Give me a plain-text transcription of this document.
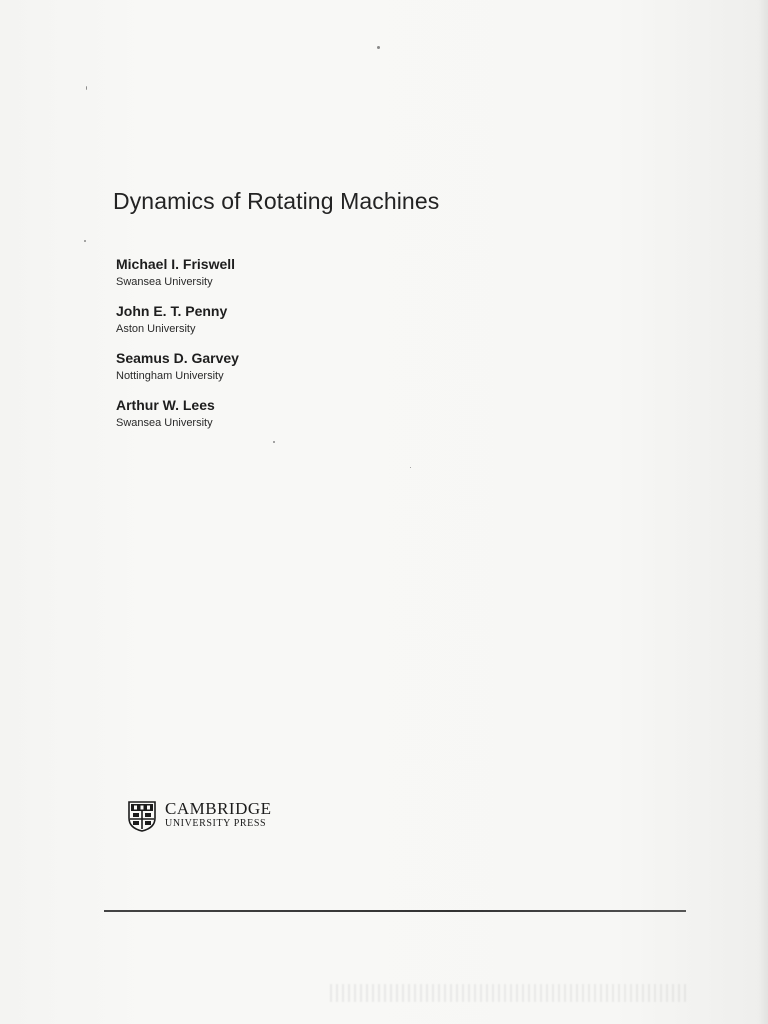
Dynamics of Rotating Machines
Michael I. Friswell
Swansea University
John E. T. Penny
Aston University
Seamus D. Garvey
Nottingham University
Arthur W. Lees
Swansea University
CAMBRIDGE
UNIVERSITY PRESS
